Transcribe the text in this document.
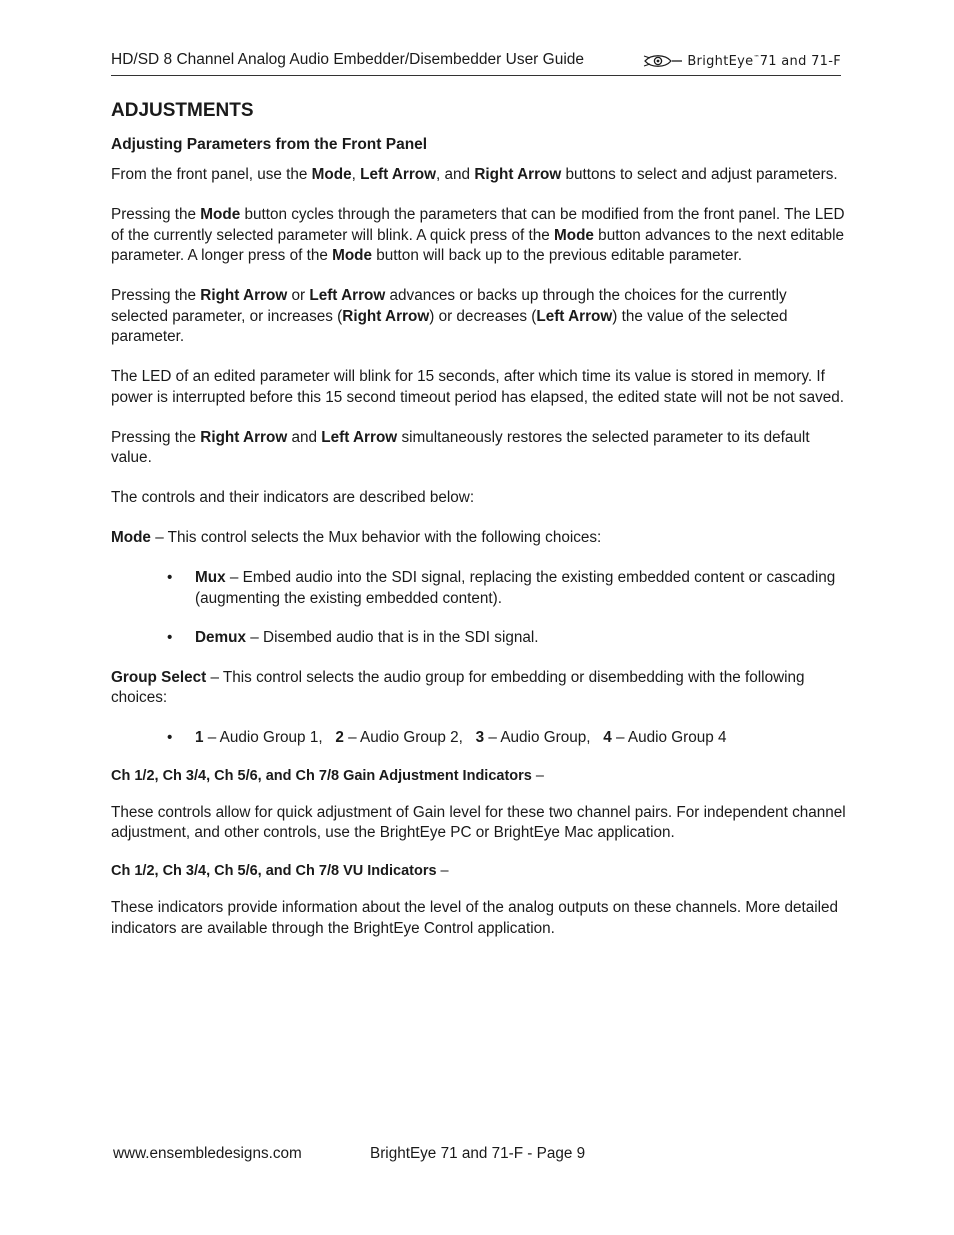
HD/SD 8 Channel Analog Audio Embedder/Disembedder User Guide	BrightEye™71 and 71-F
ADJUSTMENTS
Adjusting Parameters from the Front Panel

From the front panel, use the Mode, Left Arrow, and Right Arrow buttons to select and adjust parameters.

Pressing the Mode button cycles through the parameters that can be modified from the front panel. The LED of the currently selected parameter will blink. A quick press of the Mode button advances to the next editable parameter. A longer press of the Mode button will back up to the previous editable parameter.

Pressing the Right Arrow or Left Arrow advances or backs up through the choices for the currently selected parameter, or increases (Right Arrow) or decreases (Left Arrow) the value of the selected parameter.

The LED of an edited parameter will blink for 15 seconds, after which time its value is stored in memory. If power is interrupted before this 15 second timeout period has elapsed, the edited state will not be not saved.

Pressing the Right Arrow and Left Arrow simultaneously restores the selected parameter to its default value.

The controls and their indicators are described below:

Mode – This control selects the Mux behavior with the following choices:

• Mux – Embed audio into the SDI signal, replacing the existing embedded content or cascading (augmenting the existing embedded content).
• Demux – Disembed audio that is in the SDI signal.

Group Select – This control selects the audio group for embedding or disembedding with the following choices:

• 1 – Audio Group 1, 2 – Audio Group 2, 3 – Audio Group, 4 – Audio Group 4
Ch 1/2, Ch 3/4, Ch 5/6, and Ch 7/8 Gain Adjustment Indicators –

These controls allow for quick adjustment of Gain level for these two channel pairs. For independent channel adjustment, and other controls, use the BrightEye PC or BrightEye Mac application.

Ch 1/2, Ch 3/4, Ch 5/6, and Ch 7/8 VU Indicators –

These indicators provide information about the level of the analog outputs on these channels. More detailed indicators are available through the BrightEye Control application.

www.ensembledesigns.com	BrightEye 71 and 71-F - Page 9
